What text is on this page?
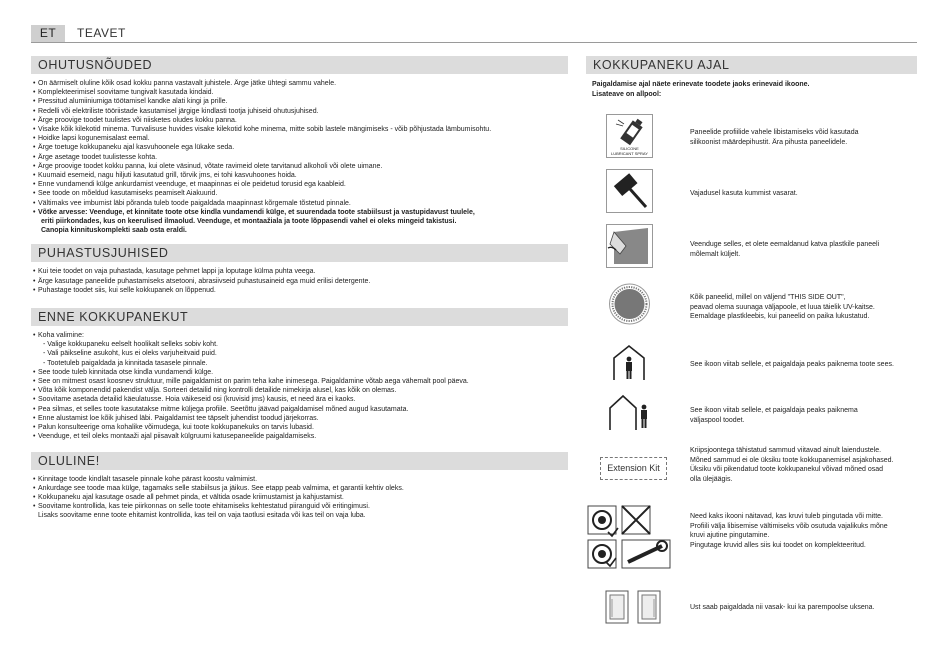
ET	TEAVET
OHUTUSNÕUDED
• On äärmiselt oluline kõik osad kokku panna vastavalt juhistele. Ärge jätke ühtegi sammu vahele.
• Komplekteerimisel soovitame tungivalt kasutada kindaid.
• Pressitud alumiiniumiga töötamisel kandke alati kingi ja prille.
• Redelli või elektriliste tööriistade kasutamisel järgige kindlasti tootja juhiseid ohutusjuhised.
• Ärge proovige toodet tuulistes või niisketes oludes kokku panna.
• Visake kõik kilekotid minema. Turvalisuse huvides visake kilekotid kohe minema, mitte sobib lastele mängimiseks - võib põhjustada lämbumisohtu.
• Hoidke lapsi kogunemisalast eemal.
• Ärge toetuge kokkupaneku ajal kasvuhoonele ega lükake seda.
• Ärge asetage toodet tuulistesse kohta.
• Ärge proovige toodet kokku panna, kui olete väsinud, võtate ravimeid olete tarvitanud alkoholi või olete uimane.
• Kuumaid esemeid, nagu hiljuti kasutatud grill, tõrvik jms, ei tohi kasvuhoones hoida.
• Enne vundamendi külge ankurdamist veenduge, et maapinnas ei ole peidetud torusid ega kaableid.
• See toode on mõeldud kasutamiseks peamiselt Aiakuurid.
• Vältimaks vee imbumist läbi põranda tuleb toode paigaldada maapinnast kõrgemale tõstetud pinnale.
• Võtke arvesse: Veenduge, et kinnitate toote otse kindla vundamendi külge, et suurendada toote stabiilsust ja vastupidavust tuulele,
eriti piirkondades, kus on keerulised ilmaolud. Veenduge, et montaažiala ja toote lõppasendi vahel ei oleks mingeid takistusi.
Canopia kinnituskomplekti saab osta eraldi.
PUHASTUSJUHISED
• Kui teie toodet on vaja puhastada, kasutage pehmet lappi ja loputage külma puhta veega.
• Ärge kasutage paneelide puhastamiseks atsetooni, abrasiivseid puhastusaineid ega muid erilisi detergente.
• Puhastage toodet siis, kui selle kokkupanek on lõppenud.
ENNE KOKKUPANEKUT
• Koha valimine:
- Valige kokkupaneku eelselt hoolikalt selleks sobiv koht.
- Vali päikseline asukoht, kus ei oleks varjuheitvaid puid.
- Tootetuleb paigaldada ja kinnitada tasasele pinnale.
• See toode tuleb kinnitada otse kindla vundamendi külge.
• See on mitmest osast koosnev struktuur, mille paigaldamist on parim teha kahe inimesega. Paigaldamine võtab aega vähemalt pool päeva.
• Võta kõik komponendid pakendist välja. Sorteeri detailid ning kontrolli detailide nimekirja alusel, kas kõik on olemas.
• Soovitame asetada detailid käeulatusse. Hoia väikeseid osi (kruvisid jms) kausis, et need ära ei kaoks.
• Pea silmas, et selles toote kasutatakse mitme küljega profiile. Seetõttu jäävad paigaldamisel mõned augud kasutamata.
• Enne alustamist loe kõik juhised läbi. Paigaldamist tee täpselt juhendist toodud järjekorras.
• Palun konsulteerige oma kohalike võimudega, kui toote kokkupanekuks on tarvis lubasid.
• Veenduge, et teil oleks montaaži ajal piisavalt külgruumi katusepaneelide paigaldamiseks.
OLULINE!
• Kinnitage toode kindlalt tasasele pinnale kohe pärast koostu valmimist.
• Ankurdage see toode maa külge, tagamaks selle stabiilsus ja jäikus. See etapp peab valmima, et garantii kehtiv oleks.
• Kokkupaneku ajal kasutage osade all pehmet pinda, et vältida osade kriimustamist ja kahjustamist.
• Soovitame kontrollida, kas teie piirkonnas on selle toote ehitamiseks kehtestatud piiranguid või eritingimusi.
Lisaks soovitame enne toote ehitamist kontrollida, kas teil on vaja taotlusi esitada või kas teil on vaja luba.
KOKKUPANEKU AJAL
Paigaldamise ajal näete erinevate toodete jaoks erinevaid ikoone.
Lisateave on allpool:
SILICONE
LUBRICANT SPRAY
Paneelide profiilide vahele libistamiseks võid kasutada
silikoonist määrdepihustit. Ära pihusta paneelidele.
Vajadusel kasuta kummist vasarat.
Veenduge selles, et olete eemaldanud katva plastkile paneeli
mõlemalt küljelt.
Kõik paneelid, millel on väljend "THIS SIDE OUT",
peavad olema suunaga väljapoole, et luua täielik UV-kaitse.
Eemaldage plastkleebis, kui paneelid on paika lukustatud.
See ikoon viitab sellele, et paigaldaja peaks paiknema toote sees.
See ikoon viitab sellele, et paigaldaja peaks paiknema
väljaspool toodet.
Extension Kit
Kriipsjoontega tähistatud sammud viitavad ainult laiendustele.
Mõned sammud ei ole üksiku toote kokkupanemisel asjakohased.
Üksiku või pikendatud toote kokkupanekul võivad mõned osad
olla ülejäägis.
Need kaks ikooni näitavad, kas kruvi tuleb pingutada või mitte.
Profiili välja libisemise vältimiseks võib osutuda vajalikuks mõne
kruvi ajutine pingutamine.
Pingutage kruvid alles siis kui toodet on komplekteeritud.
Ust saab paigaldada nii vasak- kui ka parempoolse uksena.
